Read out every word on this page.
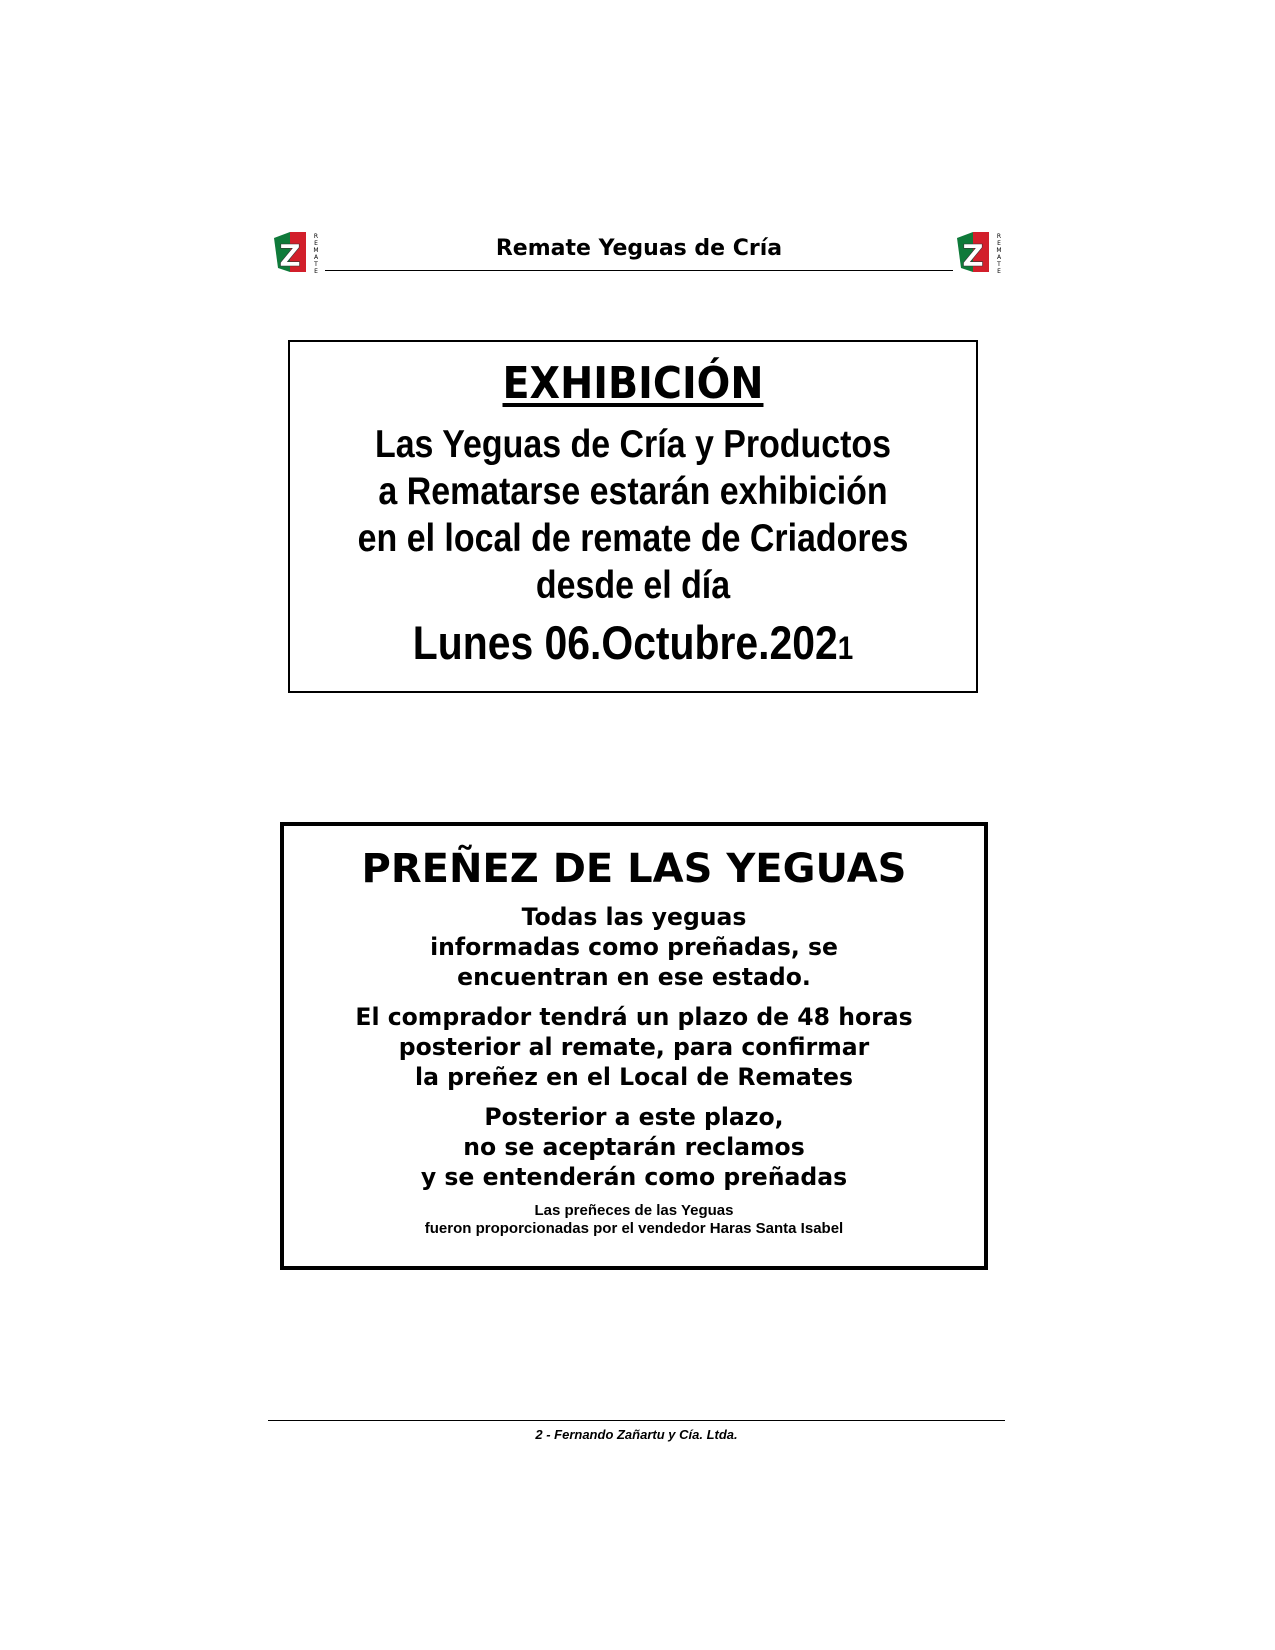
Z
R
E
M
A
T
E
Remate Yeguas de Cría	Z
R
E
M
A
T
E
EXHIBICIÓN
Las Yeguas de Cría y Productos
a Rematarse estarán exhibición
en el local de remate de Criadores
desde el día
Lunes 06.Octubre.2021
PREÑEZ DE LAS YEGUAS
Todas las yeguas
informadas como preñadas, se
encuentran en ese estado.
El comprador tendrá un plazo de 48 horas
posterior al remate, para confirmar
la preñez en el Local de Remates
Posterior a este plazo,
no se aceptarán reclamos
y se entenderán como preñadas
Las preñeces de las Yeguas
fueron proporcionadas por el vendedor Haras Santa Isabel
2 - Fernando Zañartu y Cía. Ltda.
